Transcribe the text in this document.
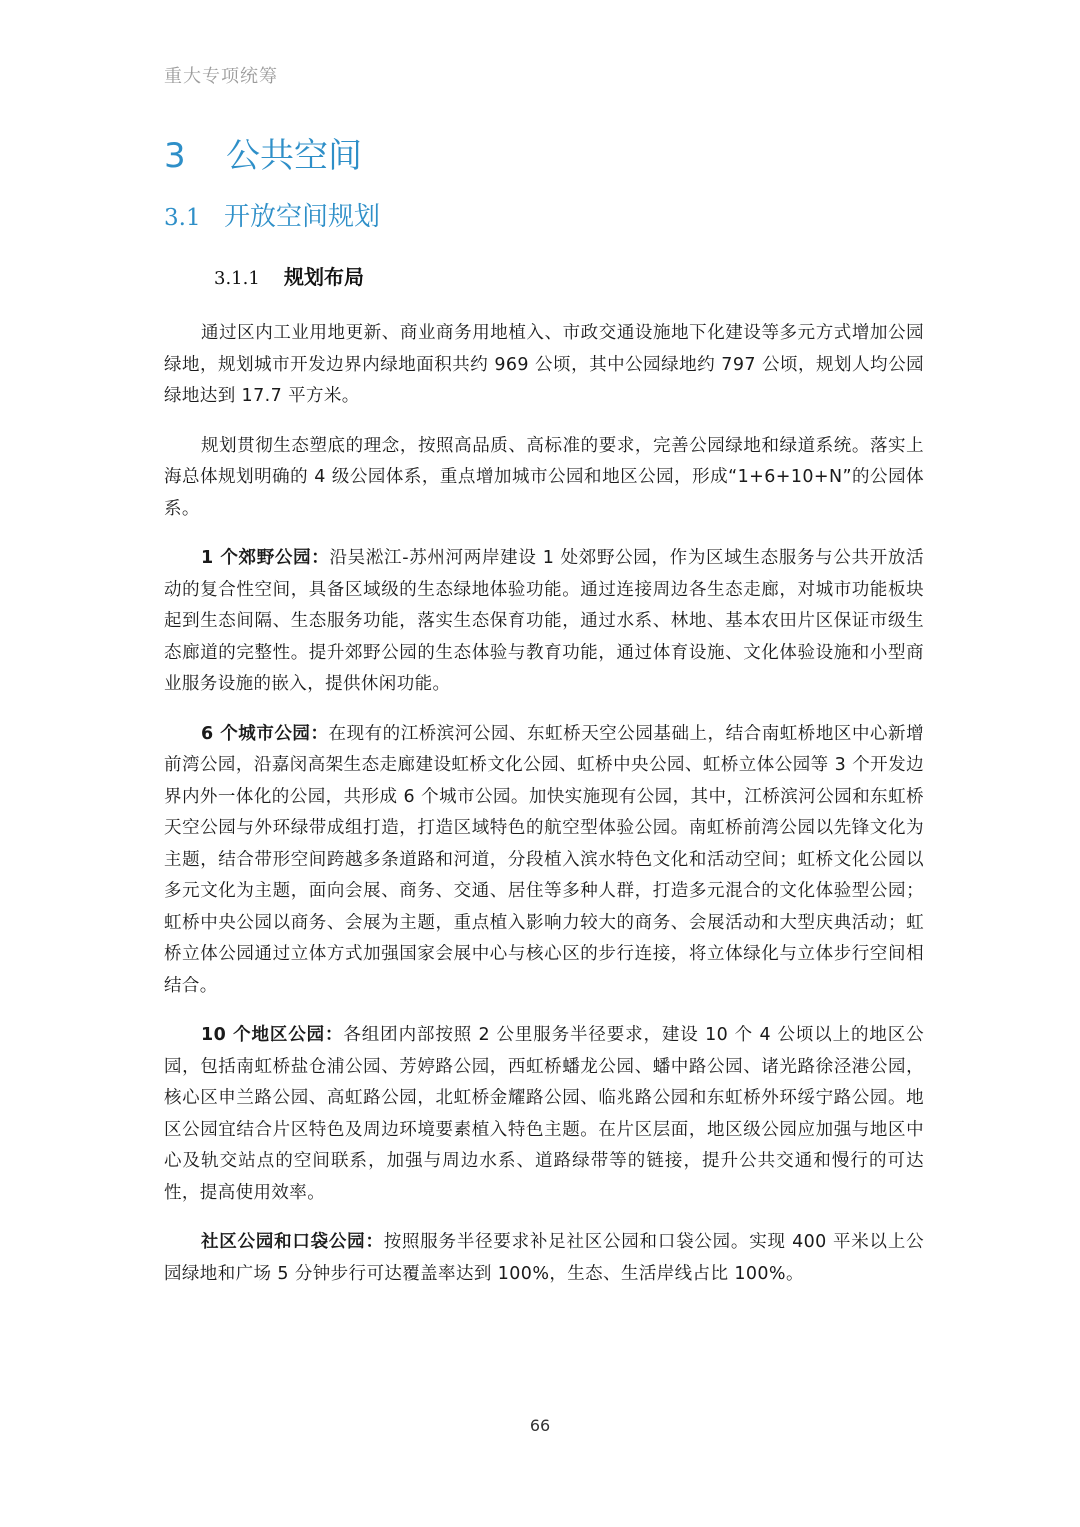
重大专项统筹
3 公共空间
3.1 开放空间规划
3.1.1 规划布局

通过区内工业用地更新、商业商务用地植入、市政交通设施地下化建设等多元方式增加公园绿地，规划城市开发边界内绿地面积共约 969 公顷，其中公园绿地约 797 公顷，规划人均公园绿地达到 17.7 平方米。

规划贯彻生态塑底的理念，按照高品质、高标准的要求，完善公园绿地和绿道系统。落实上海总体规划明确的 4 级公园体系，重点增加城市公园和地区公园，形成“1+6+10+N”的公园体系。

1 个郊野公园：沿吴淞江-苏州河两岸建设 1 处郊野公园，作为区域生态服务与公共开放活动的复合性空间，具备区域级的生态绿地体验功能。通过连接周边各生态走廊，对城市功能板块起到生态间隔、生态服务功能，落实生态保育功能，通过水系、林地、基本农田片区保证市级生态廊道的完整性。提升郊野公园的生态体验与教育功能，通过体育设施、文化体验设施和小型商业服务设施的嵌入，提供休闲功能。

6 个城市公园：在现有的江桥滨河公园、东虹桥天空公园基础上，结合南虹桥地区中心新增前湾公园，沿嘉闵高架生态走廊建设虹桥文化公园、虹桥中央公园、虹桥立体公园等 3 个开发边界内外一体化的公园，共形成 6 个城市公园。加快实施现有公园，其中，江桥滨河公园和东虹桥天空公园与外环绿带成组打造，打造区域特色的航空型体验公园。南虹桥前湾公园以先锋文化为主题，结合带形空间跨越多条道路和河道，分段植入滨水特色文化和活动空间；虹桥文化公园以多元文化为主题，面向会展、商务、交通、居住等多种人群，打造多元混合的文化体验型公园；虹桥中央公园以商务、会展为主题，重点植入影响力较大的商务、会展活动和大型庆典活动；虹桥立体公园通过立体方式加强国家会展中心与核心区的步行连接，将立体绿化与立体步行空间相结合。

10 个地区公园：各组团内部按照 2 公里服务半径要求，建设 10 个 4 公顷以上的地区公园，包括南虹桥盐仓浦公园、芳婷路公园，西虹桥蟠龙公园、蟠中路公园、诸光路徐泾港公园，核心区申兰路公园、高虹路公园，北虹桥金耀路公园、临兆路公园和东虹桥外环绥宁路公园。地区公园宜结合片区特色及周边环境要素植入特色主题。在片区层面，地区级公园应加强与地区中心及轨交站点的空间联系，加强与周边水系、道路绿带等的链接，提升公共交通和慢行的可达性，提高使用效率。

社区公园和口袋公园：按照服务半径要求补足社区公园和口袋公园。实现 400 平米以上公园绿地和广场 5 分钟步行可达覆盖率达到 100%，生态、生活岸线占比 100%。

66
